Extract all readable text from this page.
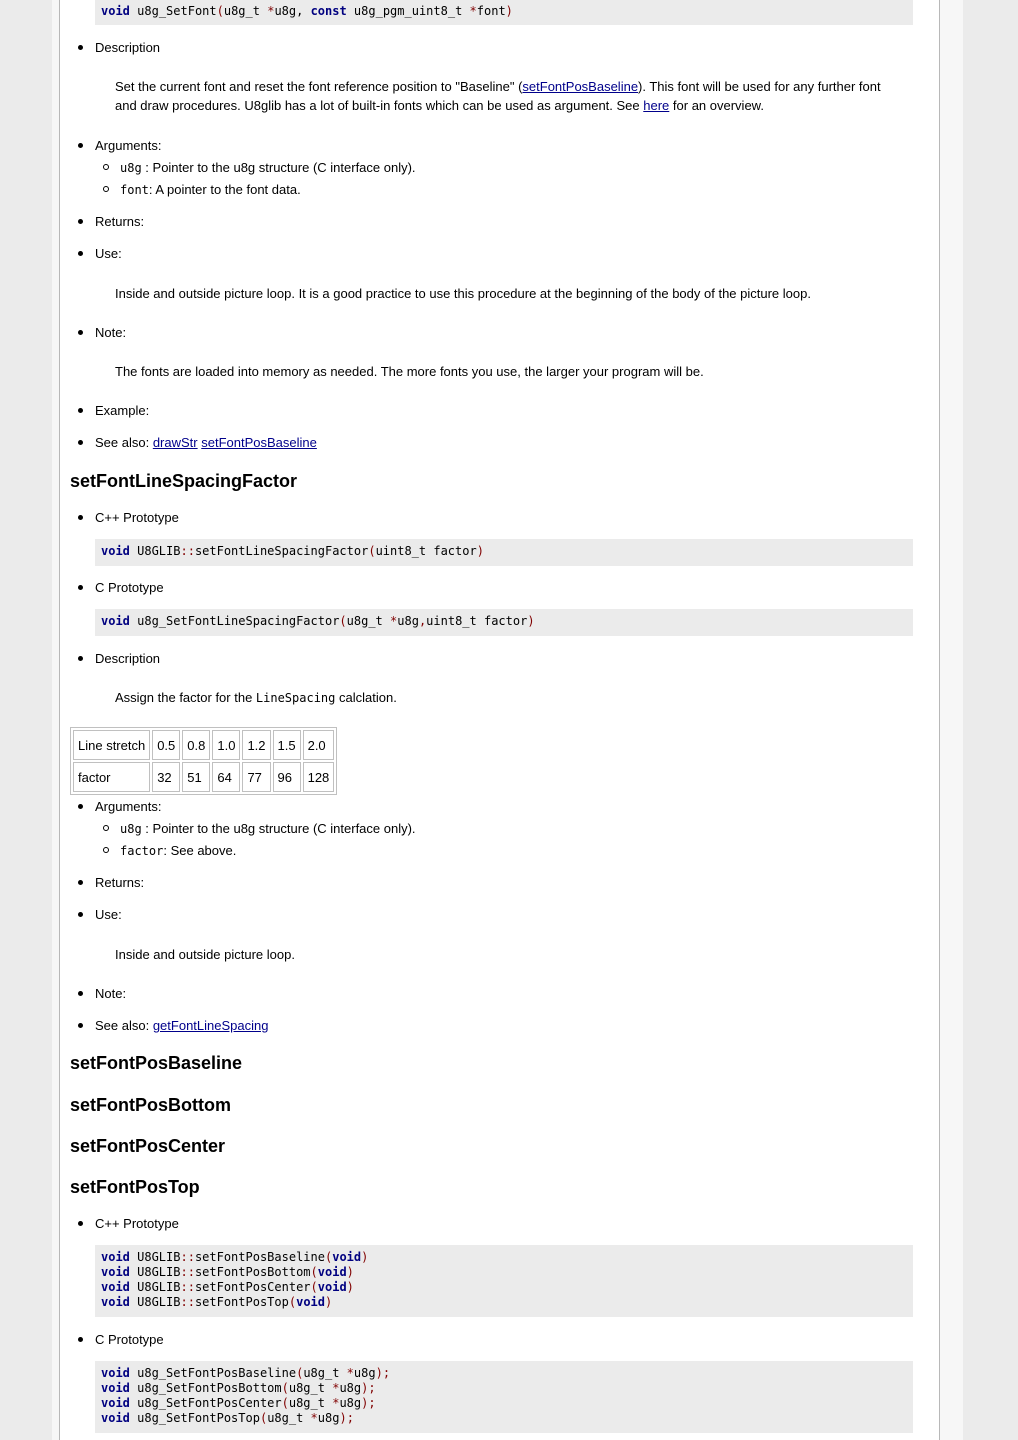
void u8g_SetFont(u8g_t *u8g, const u8g_pgm_uint8_t *font)
Description
Set the current font and reset the font reference position to "Baseline" (setFontPosBaseline). This font will be used for any further font and draw procedures. U8glib has a lot of built-in fonts which can be used as argument. See here for an overview.
Arguments:
u8g : Pointer to the u8g structure (C interface only).
font: A pointer to the font data.
Returns:
Use:
Inside and outside picture loop. It is a good practice to use this procedure at the beginning of the body of the picture loop.
Note:
The fonts are loaded into memory as needed. The more fonts you use, the larger your program will be.
Example:
See also: drawStr setFontPosBaseline
setFontLineSpacingFactor
C++ Prototype
void U8GLIB::setFontLineSpacingFactor(uint8_t factor)
C Prototype
void u8g_SetFontLineSpacingFactor(u8g_t *u8g,uint8_t factor)
Description
Assign the factor for the LineSpacing calclation.
Line stretch	0.5	0.8	1.0	1.2	1.5	2.0
factor	32	51	64	77	96	128
Arguments:
u8g : Pointer to the u8g structure (C interface only).
factor: See above.
Returns:
Use:
Inside and outside picture loop.
Note:
See also: getFontLineSpacing
setFontPosBaseline
setFontPosBottom
setFontPosCenter
setFontPosTop
C++ Prototype
void U8GLIB::setFontPosBaseline(void)
void U8GLIB::setFontPosBottom(void)
void U8GLIB::setFontPosCenter(void)
void U8GLIB::setFontPosTop(void)
C Prototype
void u8g_SetFontPosBaseline(u8g_t *u8g);
void u8g_SetFontPosBottom(u8g_t *u8g);
void u8g_SetFontPosCenter(u8g_t *u8g);
void u8g_SetFontPosTop(u8g_t *u8g);
